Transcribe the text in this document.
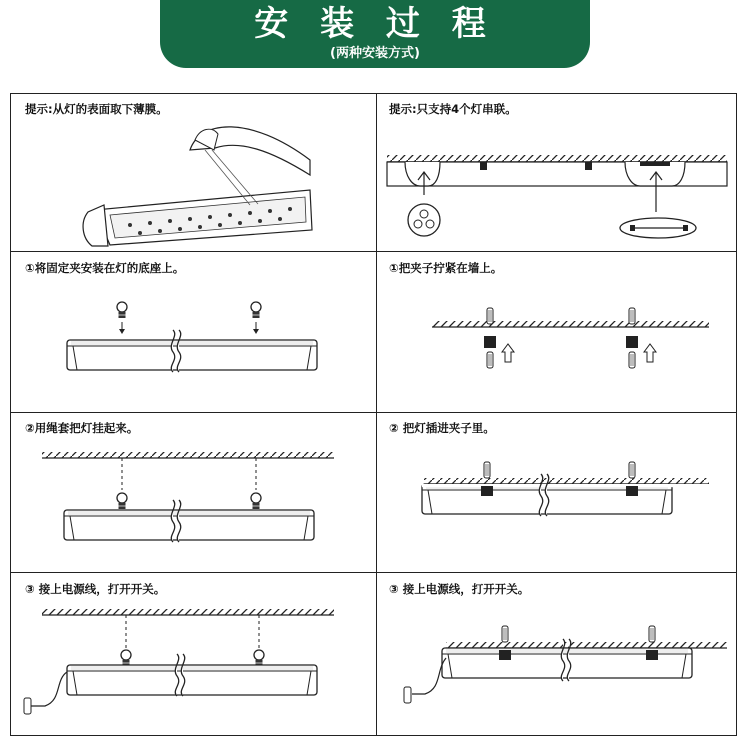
安 装 过 程
(两种安装方式)
提示:从灯的表面取下薄膜。	提示:只支持4个灯串联。
①将固定夹安装在灯的底座上。	①把夹子拧紧在墙上。
②用绳套把灯挂起来。	② 把灯插进夹子里。
③ 接上电源线，打开开关。	③ 接上电源线，打开开关。
